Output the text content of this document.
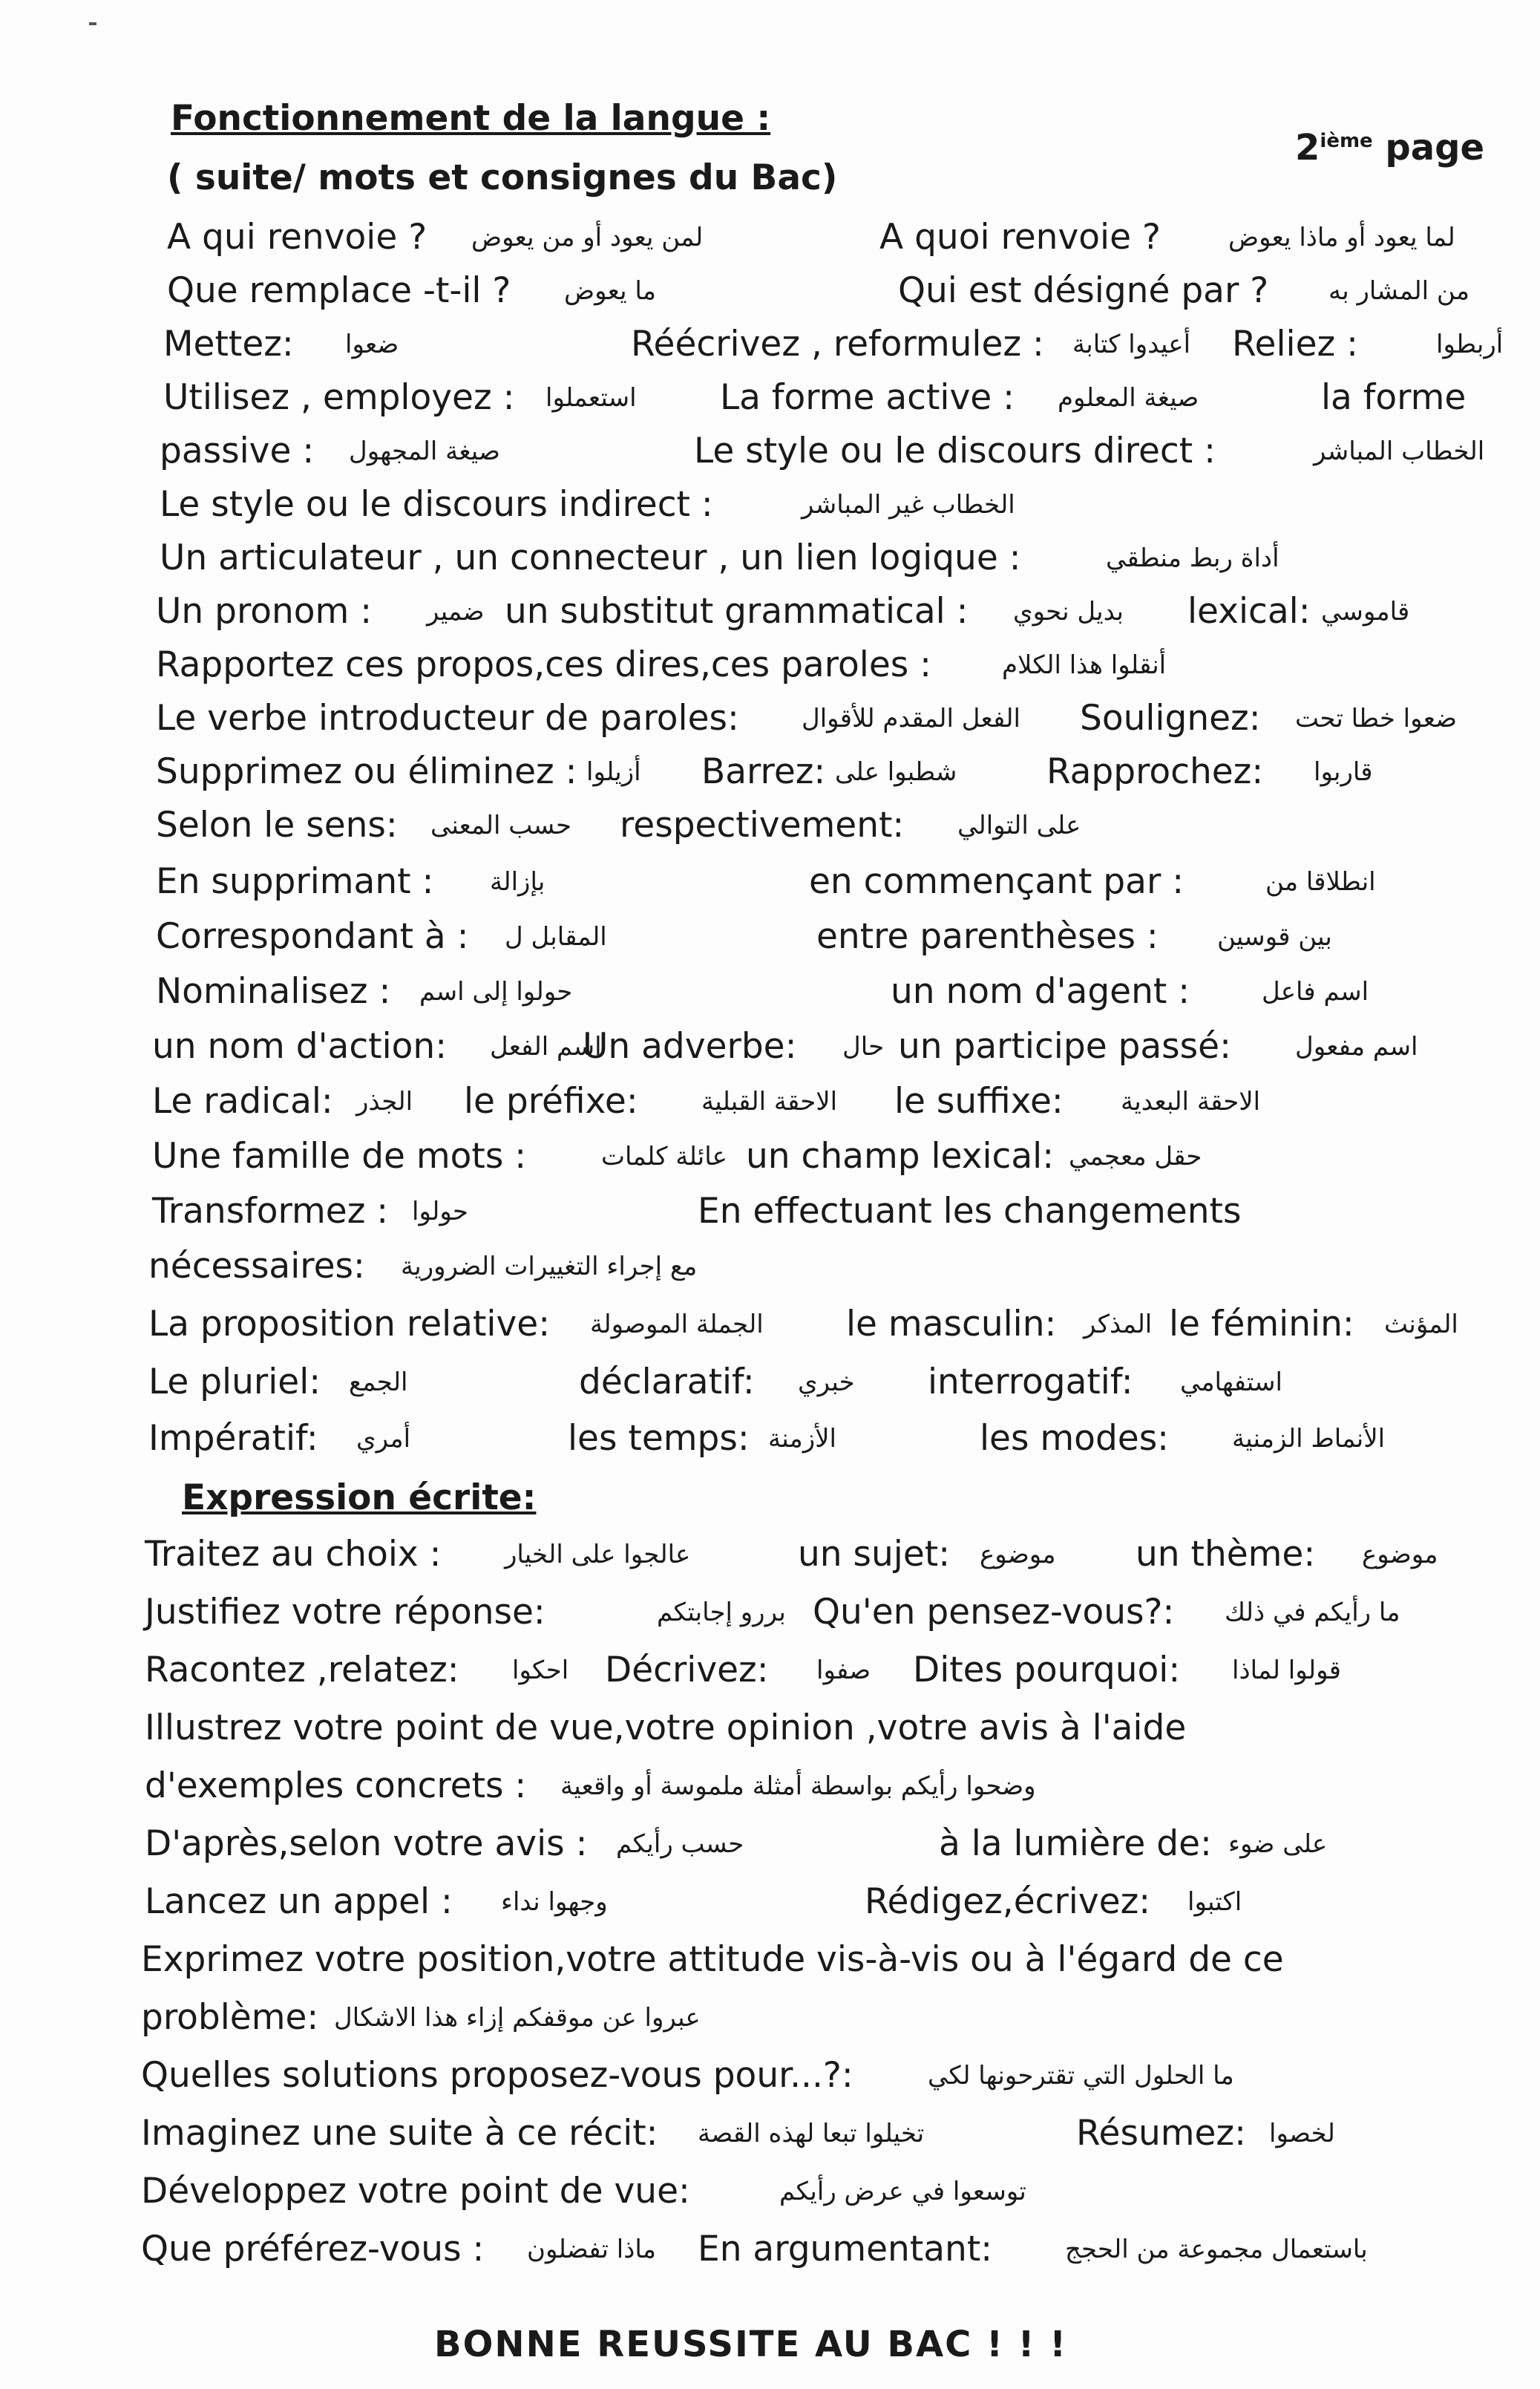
Fonctionnement de la langue :
2ième page
( suite/ mots et consignes du Bac)
A qui renvoie ? لمن يعود أو من يعوض	A quoi renvoie ?	لما يعود أو ماذا يعوض
Que remplace -t-il ? ما يعوض	Qui est désigné par ? من المشار به
Mettez: ضعوا	Réécrivez , reformulez : أعيدوا كتابة Reliez :	أربطوا
Utilisez , employez : استعملوا La forme active : صيغة المعلوم	la forme
passive : صيغة المجهول	Le style ou le discours direct :	الخطاب المباشر
Le style ou le discours indirect :	الخطاب غير المباشر
Un articulateur , un connecteur , un lien logique :	أداة ربط منطقي
Un pronom : ضمير un substitut grammatical : بديل نحوي lexical: قاموسي
Rapportez ces propos,ces dires,ces paroles :	أنقلوا هذا الكلام
Le verbe introducteur de paroles: الفعل المقدم للأقوال Soulignez: ضعوا خطا تحت
Supprimez ou éliminez : أزيلوا Barrez: شطبوا على	Rapprochez: قاربوا
Selon le sens: حسب المعنى respectivement: على التوالي
En supprimant : بإزالة	en commençant par :	انطلاقا من
Correspondant à : المقابل ل	entre parenthèses : بين قوسين
Nominalisez : حولوا إلى اسم	un nom d'agent :	اسم فاعل
un nom d'action: اسم الفعل
Un adverbe: حال un participe passé:	اسم مفعول
Le radical: الجذر le préfixe:	الاحقة القبلية le suffixe: الاحقة البعدية
Une famille de mots :	عائلة كلمات un champ lexical: حقل معجمي
Transformez : حولوا	En effectuant les changements
nécessaires: مع إجراء التغييرات الضرورية
La proposition relative: الجملة الموصولة le masculin: المذكر le féminin: المؤنث
Le pluriel: الجمع	déclaratif: خبري interrogatif: استفهامي
Impératif: أمري	les temps: الأزمنة	les modes: الأنماط الزمنية
Expression écrite:
Traitez au choix :	عالجوا على الخيار	un sujet: موضوع un thème: موضوع
Justifiez votre réponse:	بررو إجابتكم Qu'en pensez-vous?: ما رأيكم في ذلك
Racontez ,relatez: احكوا Décrivez: صفوا Dites pourquoi: قولوا لماذا
Illustrez votre point de vue,votre opinion ,votre avis à l'aide
d'exemples concrets : وضحوا رأيكم بواسطة أمثلة ملموسة أو واقعية
D'après,selon votre avis : حسب رأيكم	à la lumière de: على ضوء
Lancez un appel : وجهوا نداء	Rédigez,écrivez: اكتبوا
Exprimez votre position,votre attitude vis-à-vis ou à l'égard de ce
problème: عبروا عن موقفكم إزاء هذا الاشكال
Quelles solutions proposez-vous pour...?:	ما الحلول التي تقترحونها لكي
Imaginez une suite à ce récit: تخيلوا تبعا لهذه القصة	Résumez: لخصوا
Développez votre point de vue:	توسعوا في عرض رأيكم
Que préférez-vous : ماذا تفضلون En argumentant:	باستعمال مجموعة من الحجج
BONNE REUSSITE AU BAC ! ! !
